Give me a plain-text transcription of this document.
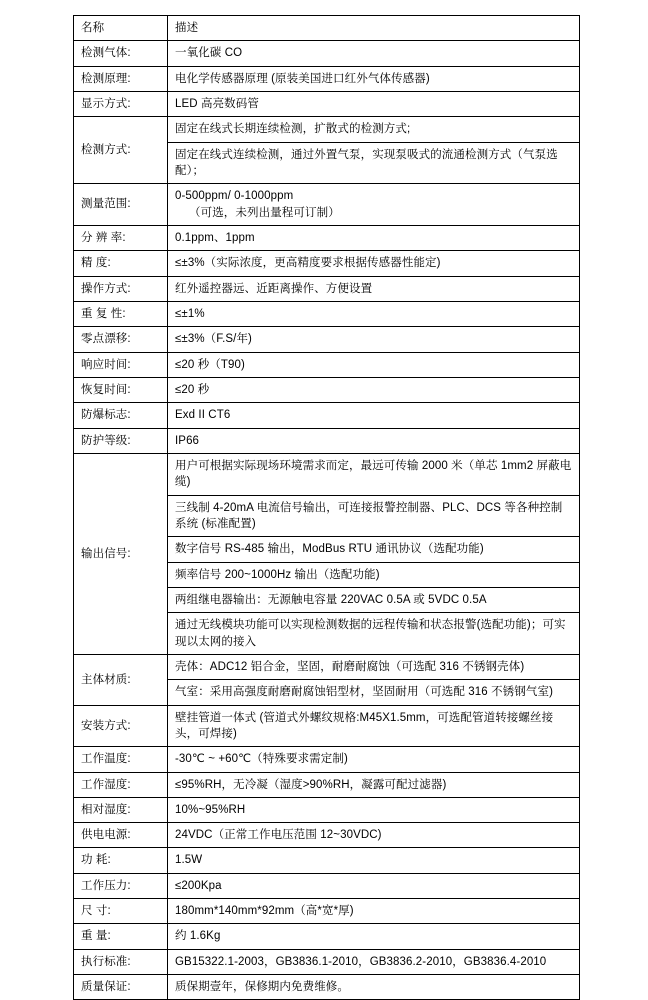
名称	描述
检测气体:	一氧化碳 CO
检测原理:	电化学传感器原理 (原装美国进口红外气体传感器)
显示方式:	LED 高亮数码管
检测方式:	固定在线式长期连续检测，扩散式的检测方式;
	固定在线式连续检测，通过外置气泵，实现泵吸式的流通检测方式（气泵选配）；
测量范围:	0-500ppm/ 0-1000ppm
（可选，未列出量程可订制）

分 辨 率:	0.1ppm、1ppm
精 度:	≤±3%（实际浓度，更高精度要求根据传感器性能定)
操作方式:	红外遥控器远、近距离操作、方便设置
重 复 性:	≤±1%
零点漂移:	≤±3%（F.S/年)
响应时间:	≤20 秒（T90)
恢复时间:	≤20 秒
防爆标志:	Exd II CT6
防护等级:	IP66
输出信号:	用户可根据实际现场环境需求而定，最远可传输 2000 米（单芯 1mm2 屏蔽电缆)
	三线制 4-20mA 电流信号输出，可连接报警控制器、PLC、DCS 等各种控制系统 (标准配置)
	数字信号 RS-485 输出，ModBus RTU 通讯协议（选配功能)
	频率信号 200~1000Hz 输出（选配功能)
	两组继电器输出：无源触电容量 220VAC 0.5A 或 5VDC 0.5A
	通过无线模块功能可以实现检测数据的远程传输和状态报警(选配功能)；可实现以太网的接入
主体材质:	壳体：ADC12 铝合金，坚固，耐磨耐腐蚀（可选配 316 不锈钢壳体)
	气室：采用高强度耐磨耐腐蚀铝型材，坚固耐用（可选配 316 不锈钢气室)
安装方式:	壁挂管道一体式 (管道式外螺纹规格:M45X1.5mm，可选配管道转接螺丝接头，可焊接)
工作温度:	-30℃ ~ +60℃（特殊要求需定制)
工作湿度:	≤95%RH，无冷凝（湿度>90%RH，凝露可配过滤器)
相对湿度:	10%~95%RH
供电电源:	24VDC（正常工作电压范围 12~30VDC)
功 耗:	1.5W
工作压力:	≤200Kpa
尺 寸:	180mm*140mm*92mm（高*宽*厚)
重 量:	约 1.6Kg
执行标准:	GB15322.1-2003，GB3836.1-2010，GB3836.2-2010，GB3836.4-2010
质量保证:	质保期壹年，保修期内免费维修。
